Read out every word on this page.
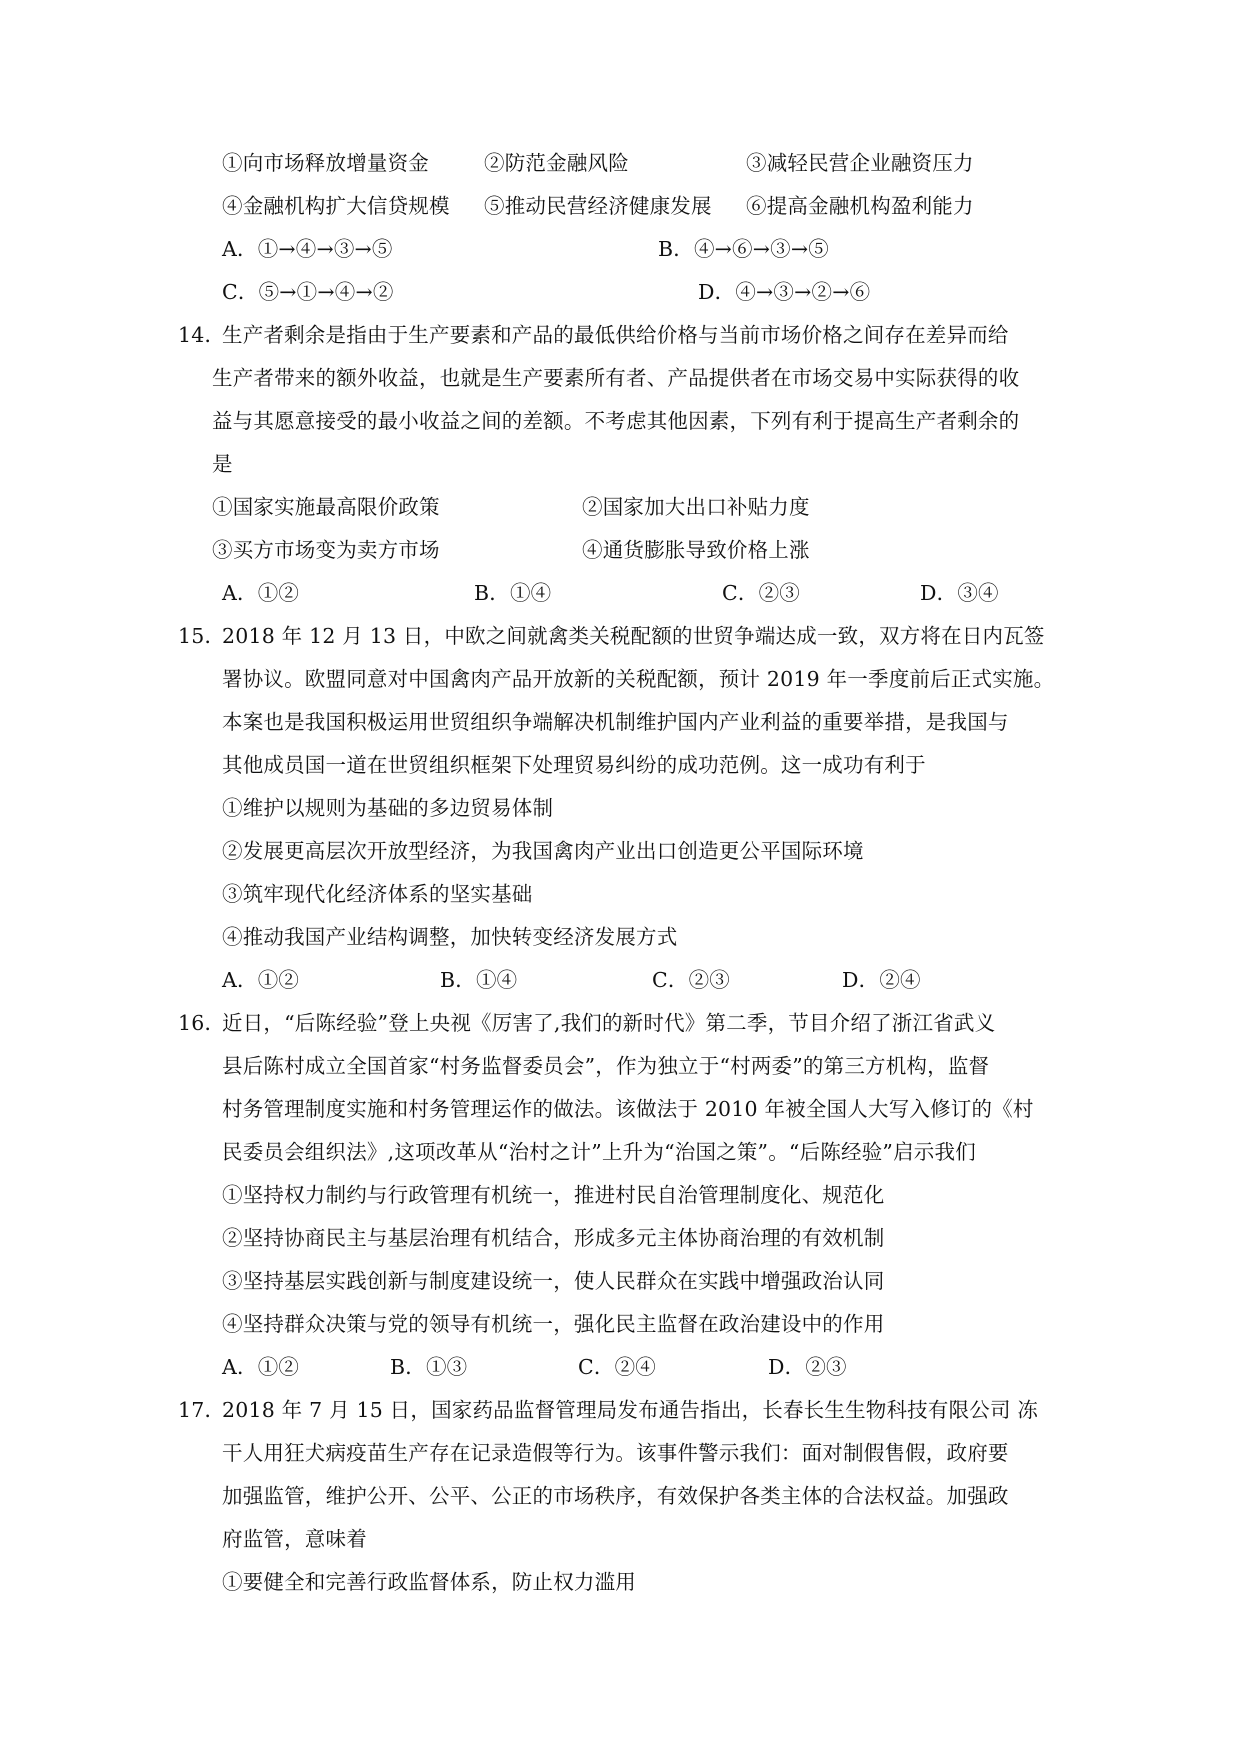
①向市场释放增量资金	②防范金融风险	③减轻民营企业融资压力
④金融机构扩大信贷规模 ⑤推动民营经济健康发展 ⑥提高金融机构盈利能力
A．①→④→③→⑤	B．④→⑥→③→⑤
C．⑤→①→④→②	D．④→③→②→⑥
14．
生产者剩余是指由于生产要素和产品的最低供给价格与当前市场价格之间存在差异而给
生产者带来的额外收益，也就是生产要素所有者、产品提供者在市场交易中实际获得的收
益与其愿意接受的最小收益之间的差额。不考虑其他因素，下列有利于提高生产者剩余的
是
①国家实施最高限价政策	②国家加大出口补贴力度
③买方市场变为卖方市场	④通货膨胀导致价格上涨
A．①②	B．①④	C．②③	D．③④
15．
2018 年 12 月 13 日，中欧之间就禽类关税配额的世贸争端达成一致，双方将在日内瓦签
署协议。欧盟同意对中国禽肉产品开放新的关税配额，预计 2019 年一季度前后正式实施。
本案也是我国积极运用世贸组织争端解决机制维护国内产业利益的重要举措，是我国与
其他成员国一道在世贸组织框架下处理贸易纠纷的成功范例。这一成功有利于
①维护以规则为基础的多边贸易体制
②发展更高层次开放型经济，为我国禽肉产业出口创造更公平国际环境
③筑牢现代化经济体系的坚实基础
④推动我国产业结构调整，加快转变经济发展方式
A．①②	B．①④	C．②③	D．②④
16．
近日，“后陈经验”登上央视《厉害了,我们的新时代》第二季，节目介绍了浙江省武义
县后陈村成立全国首家“村务监督委员会”，作为独立于“村两委”的第三方机构，监督
村务管理制度实施和村务管理运作的做法。该做法于 2010 年被全国人大写入修订的《村
民委员会组织法》,这项改革从“治村之计”上升为“治国之策”。“后陈经验”启示我们
①坚持权力制约与行政管理有机统一，推进村民自治管理制度化、规范化
②坚持协商民主与基层治理有机结合，形成多元主体协商治理的有效机制
③坚持基层实践创新与制度建设统一，使人民群众在实践中增强政治认同
④坚持群众决策与党的领导有机统一，强化民主监督在政治建设中的作用
A．①②	B．①③	C．②④	D．②③
17．
2018 年 7 月 15 日，国家药品监督管理局发布通告指出，长春长生生物科技有限公司 冻
干人用狂犬病疫苗生产存在记录造假等行为。该事件警示我们：面对制假售假，政府要
加强监管，维护公开、公平、公正的市场秩序，有效保护各类主体的合法权益。加强政
府监管，意味着
①要健全和完善行政监督体系，防止权力滥用
